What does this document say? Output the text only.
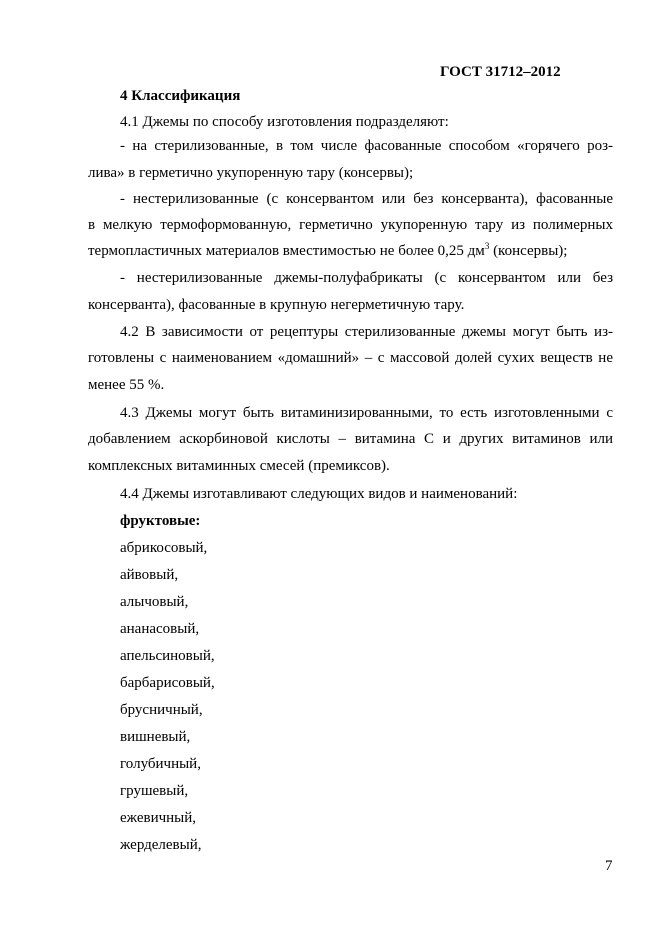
ГОСТ 31712–2012
4 Классификация
4.1 Джемы по способу изготовления подразделяют:
- на стерилизованные, в том числе фасованные способом «горячего роз-
лива» в герметично укупоренную тару (консервы);
- нестерилизованные (с консервантом или без консерванта), фасованные
в мелкую термоформованную, герметично укупоренную тару из полимерных
термопластичных материалов вместимостью не более 0,25 $дм^3$ (консервы);
- нестерилизованные джемы-полуфабрикаты (с консервантом или без
консерванта), фасованные в крупную негерметичную тару.
4.2 В зависимости от рецептуры стерилизованные джемы могут быть из-
готовлены с наименованием «домашний» – с массовой долей сухих веществ не
менее 55 %.
4.3 Джемы могут быть витаминизированными, то есть изготовленными с
добавлением аскорбиновой кислоты – витамина С и других витаминов или
комплексных витаминных смесей (премиксов).
4.4 Джемы изготавливают следующих видов и наименований:
фруктовые:
абрикосовый,
айвовый,
алычовый,
ананасовый,
апельсиновый,
барбарисовый,
брусничный,
вишневый,
голубичный,
грушевый,
ежевичный,
жерделевый,
7
